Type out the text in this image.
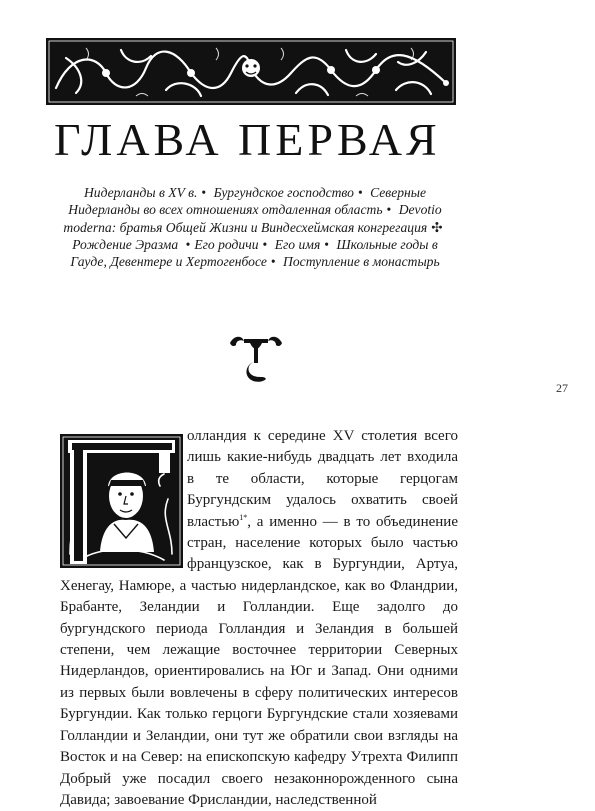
ГЛАВА ПЕРВАЯ
Нидерланды в XV в. • Бургундское господство • Северные Нидерланды во всех отношениях отдаленная область • Devotio moderna: братья Общей Жизни и Виндесхеймская конгрегация ✣ Рождение Эразма • Его родичи • Его имя • Школьные годы в Гауде, Девентере и Хертогенбосе • Поступление в монастырь
27
олландия к середине XV столетия всего лишь какие-нибудь двадцать лет входила в те области, которые герцогам Бургундским удалось охватить своей властью$^{1*}$, а именно — в то объединение стран, население которых было частью французское, как в Бургундии, Артуа, Хенегау, Намюре, а частью нидерландское, как во Фландрии, Брабанте, Зеландии и Голландии. Еще задолго до бургундского периода Голландия и Зеландия в большей степени, чем лежащие восточнее территории Северных Нидерландов, ориентировались на Юг и Запад. Они одними из первых были вовлечены в сферу политических интересов Бургундии. Как только герцоги Бургундские стали хозяевами Голландии и Зеландии, они тут же обратили свои взгляды на Восток и на Север: на епископскую кафедру Утрехта Филипп Добрый уже посадил своего незаконнорожденного сына Давида; завоевание Фрисландии, наследственной
